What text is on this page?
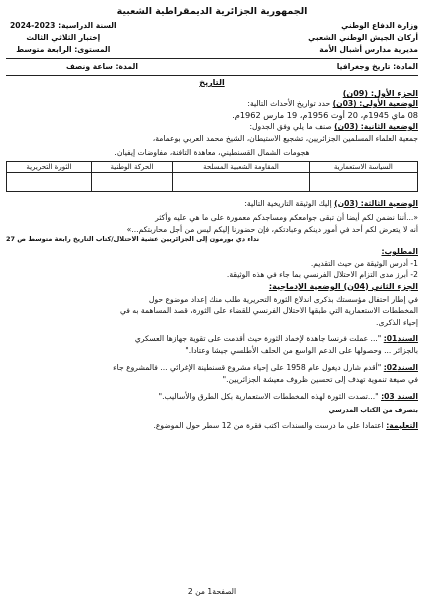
الجمهورية الجزائرية الديمقراطية الشعبية
وزارة الدفاع الوطني
أركان الجيش الوطني الشعبي
مديرية مدارس أشبال الأمة
السنة الدراسية: 2023-2024
إختبار الثلاثي الثالث
المستوى: الرابعة متوسط
المادة: تاريخ وجغرافيا
المدة: ساعة ونصف
التاريخ
الجزء الأول: (09ن)
الوضعية الأولى: (03ن) حدد تواريخ الأحداث التالية:
08 ماي 1945م، 20 أوت 1956م، 19 مارس 1962م.
الوضعية الثانية: (03ن) صنف ما يلي وفق الجدول:
جمعية العلماء المسلمين الجزائريين، تشجيع الاستيطان، الشيخ محمد العربي بوعمامة،
هجومات الشمال القسنطيني، معاهدة التافنة، مفاوضات إيفيان.
السياسة الاستعمارية	المقاومة الشعبية المسلحة	الحركة الوطنية	الثورة التحريرية

الوضعية الثالثة: (03ن) إليك الوثيقة التاريخية التالية:
«...أننا نضمن لكم أيضا أن تبقى جوامعكم ومساجدكم معمورة على ما هي عليه وأكثر
أنه لا يتعرض لكم أحد في أمور دينكم وعبادتكم، فإن حضورنا إليكم ليس من أجل محاربتكم...»
نداء دي بورمون إلى الجزائريين عشية الاحتلال/كتاب التاريخ رابعة متوسط ص 27
المطلوب:
1- أدرس الوثيقة من حيث التقديم.
2- أبرز مدى التزام الاحتلال الفرنسي بما جاء في هذه الوثيقة.
الجزء الثاني (04ن) الوضعية الإدماجية:
في إطار احتفال مؤسستك بذكرى اندلاع الثورة التحريرية طلب منك إعداد موضوع حول
المخططات الاستعمارية التي طبقها الاحتلال الفرنسي للقضاء على الثورة، قصد المساهمة به في
إحياء الذكرى.
السند01: "... عملت فرنسا جاهدة لإخماد الثورة حيث أقدمت على تقوية جهازها العسكري
بالجزائر ... وحصولها على الدعم الواسع من الحلف الأطلسي جيشا وعتادا."
السند02: "أقدم شارل ديغول عام 1958 على إحياء مشروع قسنطينة الإغرائي ... فالمشروع جاء
في صيغة تنموية تهدف إلى تحسين ظروف معيشة الجزائريين."
السند 03: "...تصدت الثورة لهذه المخططات الاستعمارية بكل الطرق والأساليب."
بتصرف من الكتاب المدرسي
التعليمة: اعتمادا على ما درست والسندات اكتب فقرة من 12 سطر حول الموضوع.
الصفحة1 من 2
